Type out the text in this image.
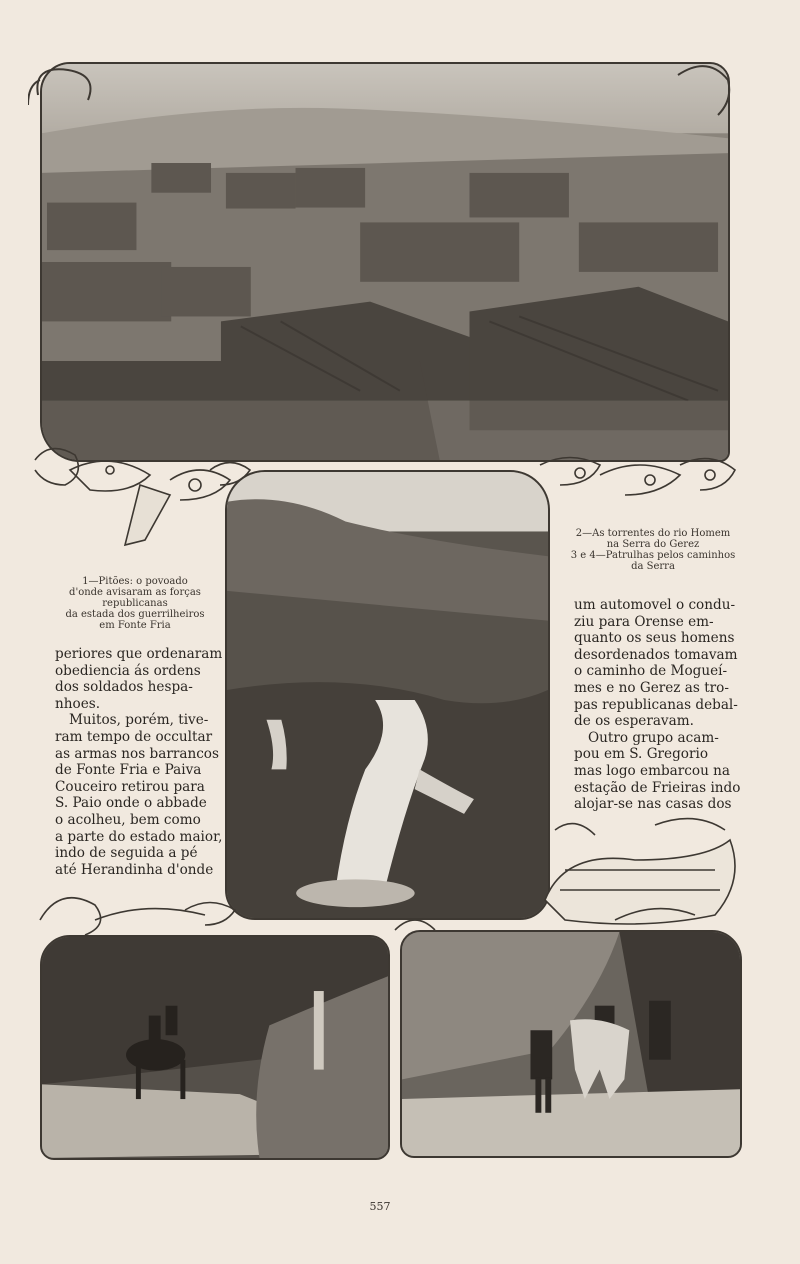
1—Pitões: o povoado
d'onde avisaram as forças
republicanas
da estada dos guerrilheiros
em Fonte Fria
2—As torrentes do rio Homem
na Serra do Gerez
3 e 4—Patrulhas pelos caminhos
da Serra
periores que ordenaram
obediencia ás ordens
dos soldados hespa-
nhoes.
Muitos, porém, tive-
ram tempo de occultar
as armas nos barrancos
de Fonte Fria e Paiva
Couceiro retirou para
S. Paio onde o abbade
o acolheu, bem como
a parte do estado maior,
indo de seguida a pé
até Herandinha d'onde
um automovel o condu-
ziu para Orense em-
quanto os seus homens
desordenados tomavam
o caminho de Mogueí-
mes e no Gerez as tro-
pas republicanas debal-
de os esperavam.
Outro grupo acam-
pou em S. Gregorio
mas logo embarcou na
estação de Frieiras indo
alojar-se nas casas dos
557
